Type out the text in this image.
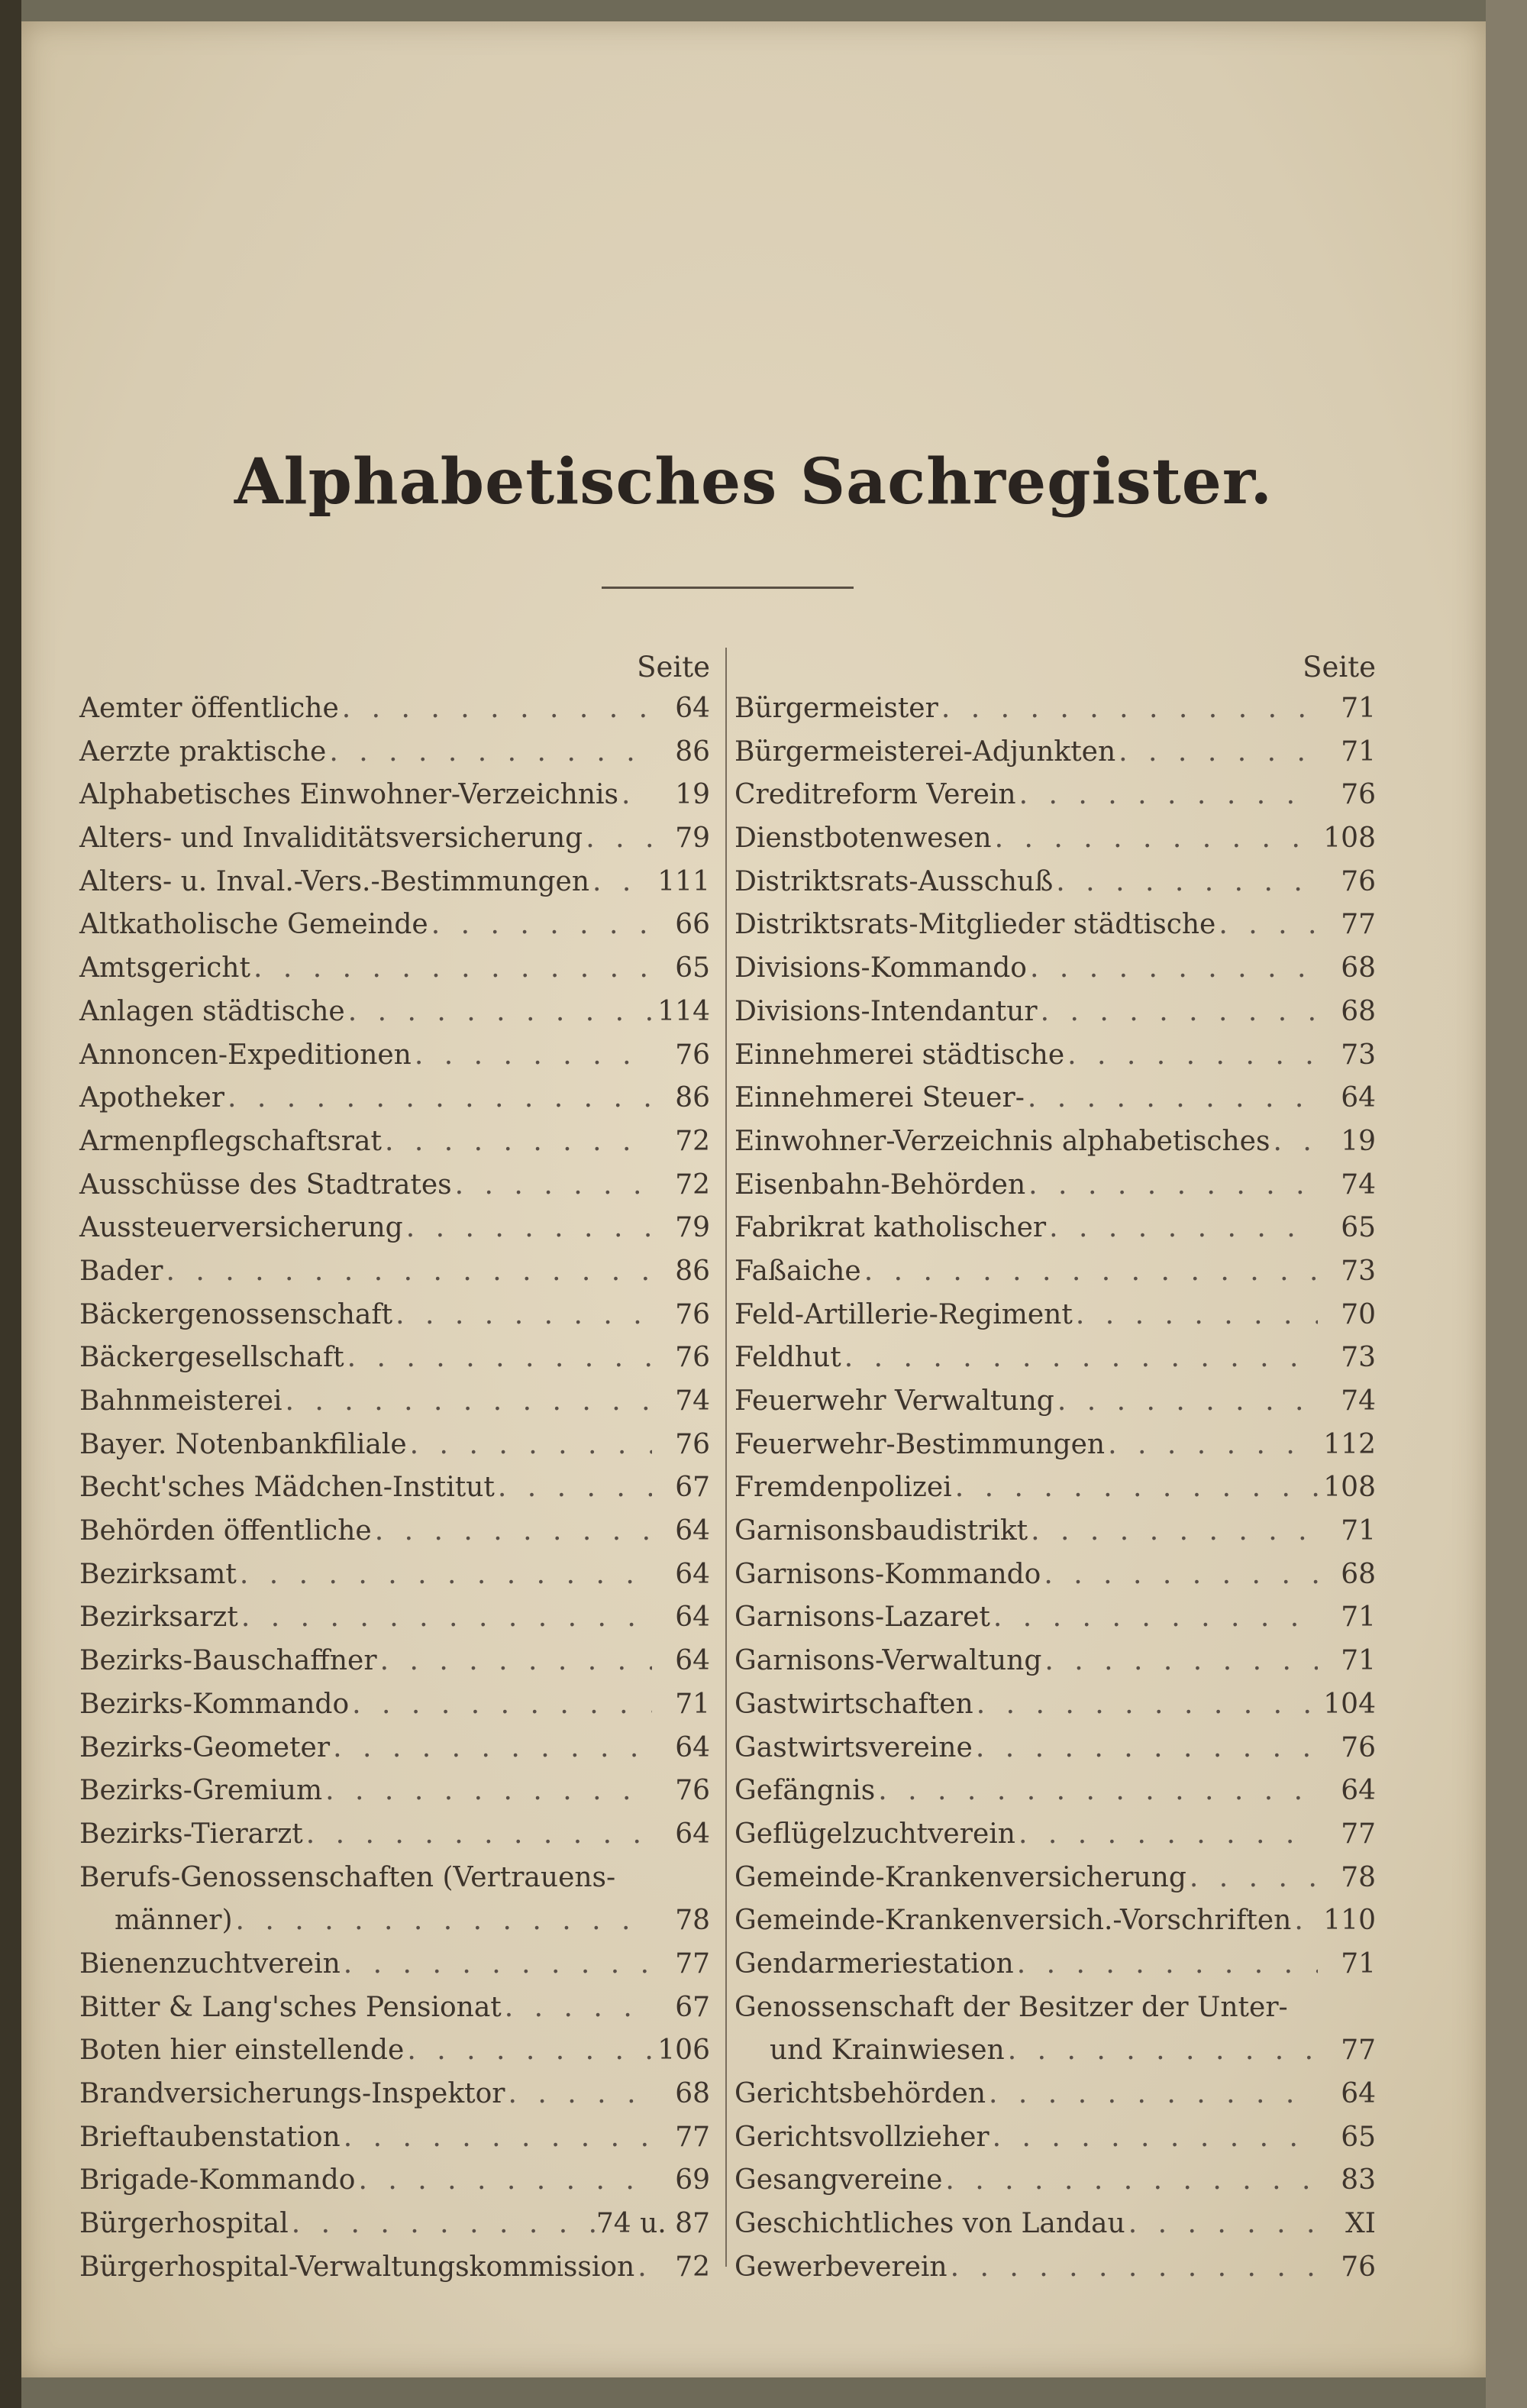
Alphabetisches Sachregister.
Seite
Aemter öffentliche . . .	64
Aerzte praktische . . .	86
Alphabetisches Einwohner-Verzeichnis . . .	19
Alters- und Invaliditätsversicherung . . .	79
Alters- u. Inval.-Vers.-Bestimmungen . . . 111
Altkatholische Gemeinde . . .	66
Amtsgericht . . .	65
Anlagen städtische . . .	114
Annoncen-Expeditionen . . .	76
Apotheker . . .	86
Armenpflegschaftsrat . . .	72
Ausschüsse des Stadtrates . . .	72
Aussteuerversicherung . . .	79
Bader . . .	86
Bäckergenossenschaft . . .	76
Bäckergesellschaft . . .	76
Bahnmeisterei . . .	74
Bayer. Notenbankfiliale . . .	76
Becht'sches Mädchen-Institut . . .	67
Behörden öffentliche . . .	64
Bezirksamt . . .	64
Bezirksarzt . . .	64
Bezirks-Bauschaffner . . .	64
Bezirks-Kommando . . .	71
Bezirks-Geometer . . .	64
Bezirks-Gremium . . .	76
Bezirks-Tierarzt . . .	64
Berufs-Genossenschaften (Vertrauens-
männer) . . .	78
Bienenzuchtverein . . .	77
Bitter & Lang'sches Pensionat . . .	67
Boten hier einstellende . . .	106
Brandversicherungs-Inspektor . . .	68
Brieftaubenstation . . .	77
Brigade-Kommando . . .	69
Bürgerhospital . . .	74 u. 87
Bürgerhospital-Verwaltungskommission . . .	72
Seite
Bürgermeister . . .	71
Bürgermeisterei-Adjunkten . . .	71
Creditreform Verein . . .	76
Dienstbotenwesen . . .	108
Distriktsrats-Ausschuß . . .	76
Distriktsrats-Mitglieder städtische . . .	77
Divisions-Kommando . . .	68
Divisions-Intendantur . . .	68
Einnehmerei städtische . . .	73
Einnehmerei Steuer- . . .	64
Einwohner-Verzeichnis alphabetisches . . .	19
Eisenbahn-Behörden . . .	74
Fabrikrat katholischer . . .	65
Faßaiche . . .	73
Feld-Artillerie-Regiment . . .	70
Feldhut . . .	73
Feuerwehr Verwaltung . . .	74
Feuerwehr-Bestimmungen . . .	112
Fremdenpolizei . . .	108
Garnisonsbaudistrikt . . .	71
Garnisons-Kommando . . .	68
Garnisons-Lazaret . . .	71
Garnisons-Verwaltung . . .	71
Gastwirtschaften . . .	104
Gastwirtsvereine . . .	76
Gefängnis . . .	64
Geflügelzuchtverein . . .	77
Gemeinde-Krankenversicherung . . .	78
Gemeinde-Krankenversich.-Vorschriften . . . 110
Gendarmeriestation . . .	71
Genossenschaft der Besitzer der Unter-
und Krainwiesen . . .	77
Gerichtsbehörden . . .	64
Gerichtsvollzieher . . .	65
Gesangvereine . . .	83
Geschichtliches von Landau . . .	XI
Gewerbeverein . . .	76
